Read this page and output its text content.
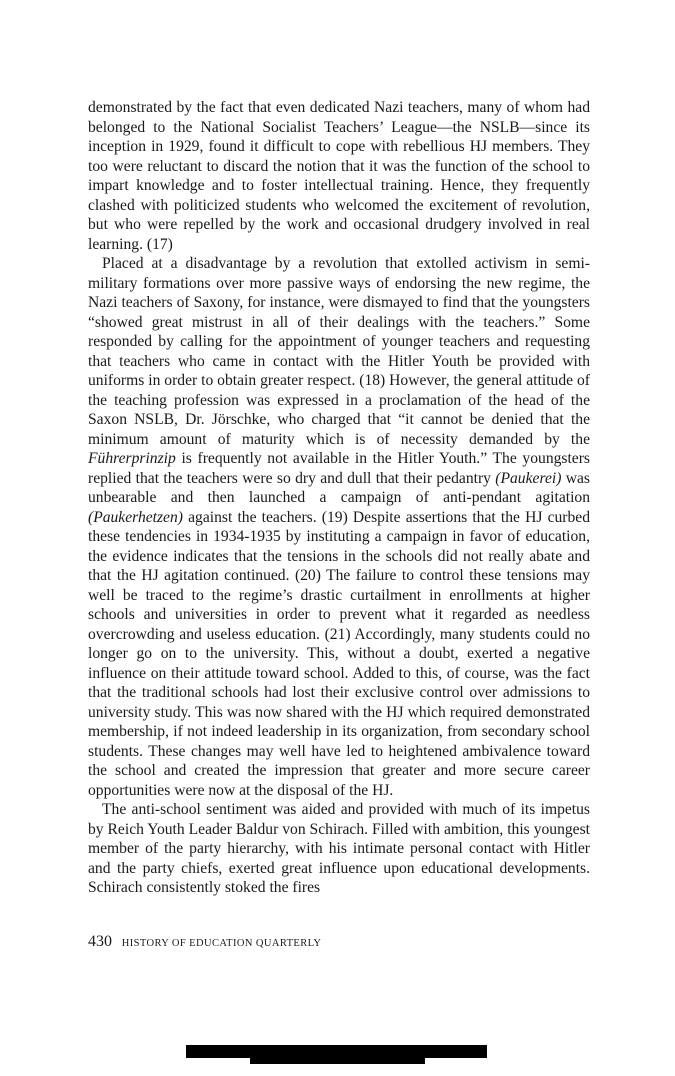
demonstrated by the fact that even dedicated Nazi teachers, many of whom had belonged to the National Socialist Teachers’ League—the NSLB—since its inception in 1929, found it difficult to cope with rebellious HJ members. They too were reluctant to discard the notion that it was the function of the school to impart knowledge and to foster intellectual training. Hence, they frequently clashed with politicized students who welcomed the excitement of revolution, but who were repelled by the work and occasional drudgery involved in real learning. (17)

Placed at a disadvantage by a revolution that extolled activism in semi-military formations over more passive ways of endorsing the new regime, the Nazi teachers of Saxony, for instance, were dismayed to find that the youngsters “showed great mistrust in all of their dealings with the teachers.” Some responded by calling for the appointment of younger teachers and requesting that teachers who came in contact with the Hitler Youth be provided with uniforms in order to obtain greater respect. (18) However, the general attitude of the teaching profession was expressed in a proclamation of the head of the Saxon NSLB, Dr. Jörschke, who charged that “it cannot be denied that the minimum amount of maturity which is of necessity demanded by the Führerprinzip is frequently not available in the Hitler Youth.” The youngsters replied that the teachers were so dry and dull that their pedantry (Paukerei) was unbearable and then launched a campaign of anti-pendant agitation (Paukerhetzen) against the teachers. (19) Despite assertions that the HJ curbed these tendencies in 1934-1935 by instituting a campaign in favor of education, the evidence indicates that the tensions in the schools did not really abate and that the HJ agitation continued. (20) The failure to control these tensions may well be traced to the regime’s drastic curtailment in enrollments at higher schools and universities in order to prevent what it regarded as needless overcrowding and useless education. (21) Accordingly, many students could no longer go on to the university. This, without a doubt, exerted a negative influence on their attitude toward school. Added to this, of course, was the fact that the traditional schools had lost their exclusive control over admissions to university study. This was now shared with the HJ which required demonstrated membership, if not indeed leadership in its organization, from secondary school students. These changes may well have led to heightened ambivalence toward the school and created the impression that greater and more secure career opportunities were now at the disposal of the HJ.

The anti-school sentiment was aided and provided with much of its impetus by Reich Youth Leader Baldur von Schirach. Filled with ambition, this youngest member of the party hierarchy, with his intimate personal contact with Hitler and the party chiefs, exerted great influence upon educational developments. Schirach consistently stoked the fires

430 HISTORY OF EDUCATION QUARTERLY
